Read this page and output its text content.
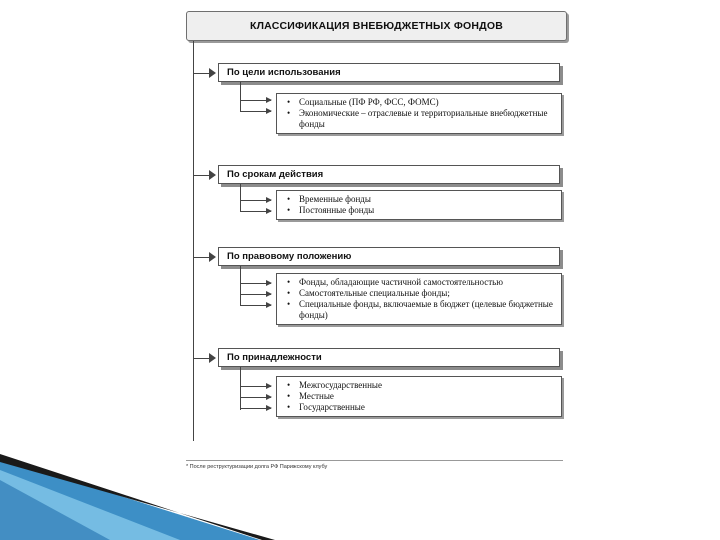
КЛАССИФИКАЦИЯ ВНЕБЮДЖЕТНЫХ ФОНДОВ
По цели использования
• Социальные (ПФ РФ, ФСС, ФОМС)
• Экономические – отраслевые и территориальные внебюджетные фонды
По срокам действия
• Временные фонды
• Постоянные фонды
По правовому положению
• Фонды, обладающие частичной самостоятельностью
• Самостоятельные специальные фонды;
• Специальные фонды, включаемые в бюджет (целевые бюджетные фонды)
По принадлежности
• Межгосударственные
• Местные
• Государственные
* После реструктуризации долга РФ Парижскому клубу
